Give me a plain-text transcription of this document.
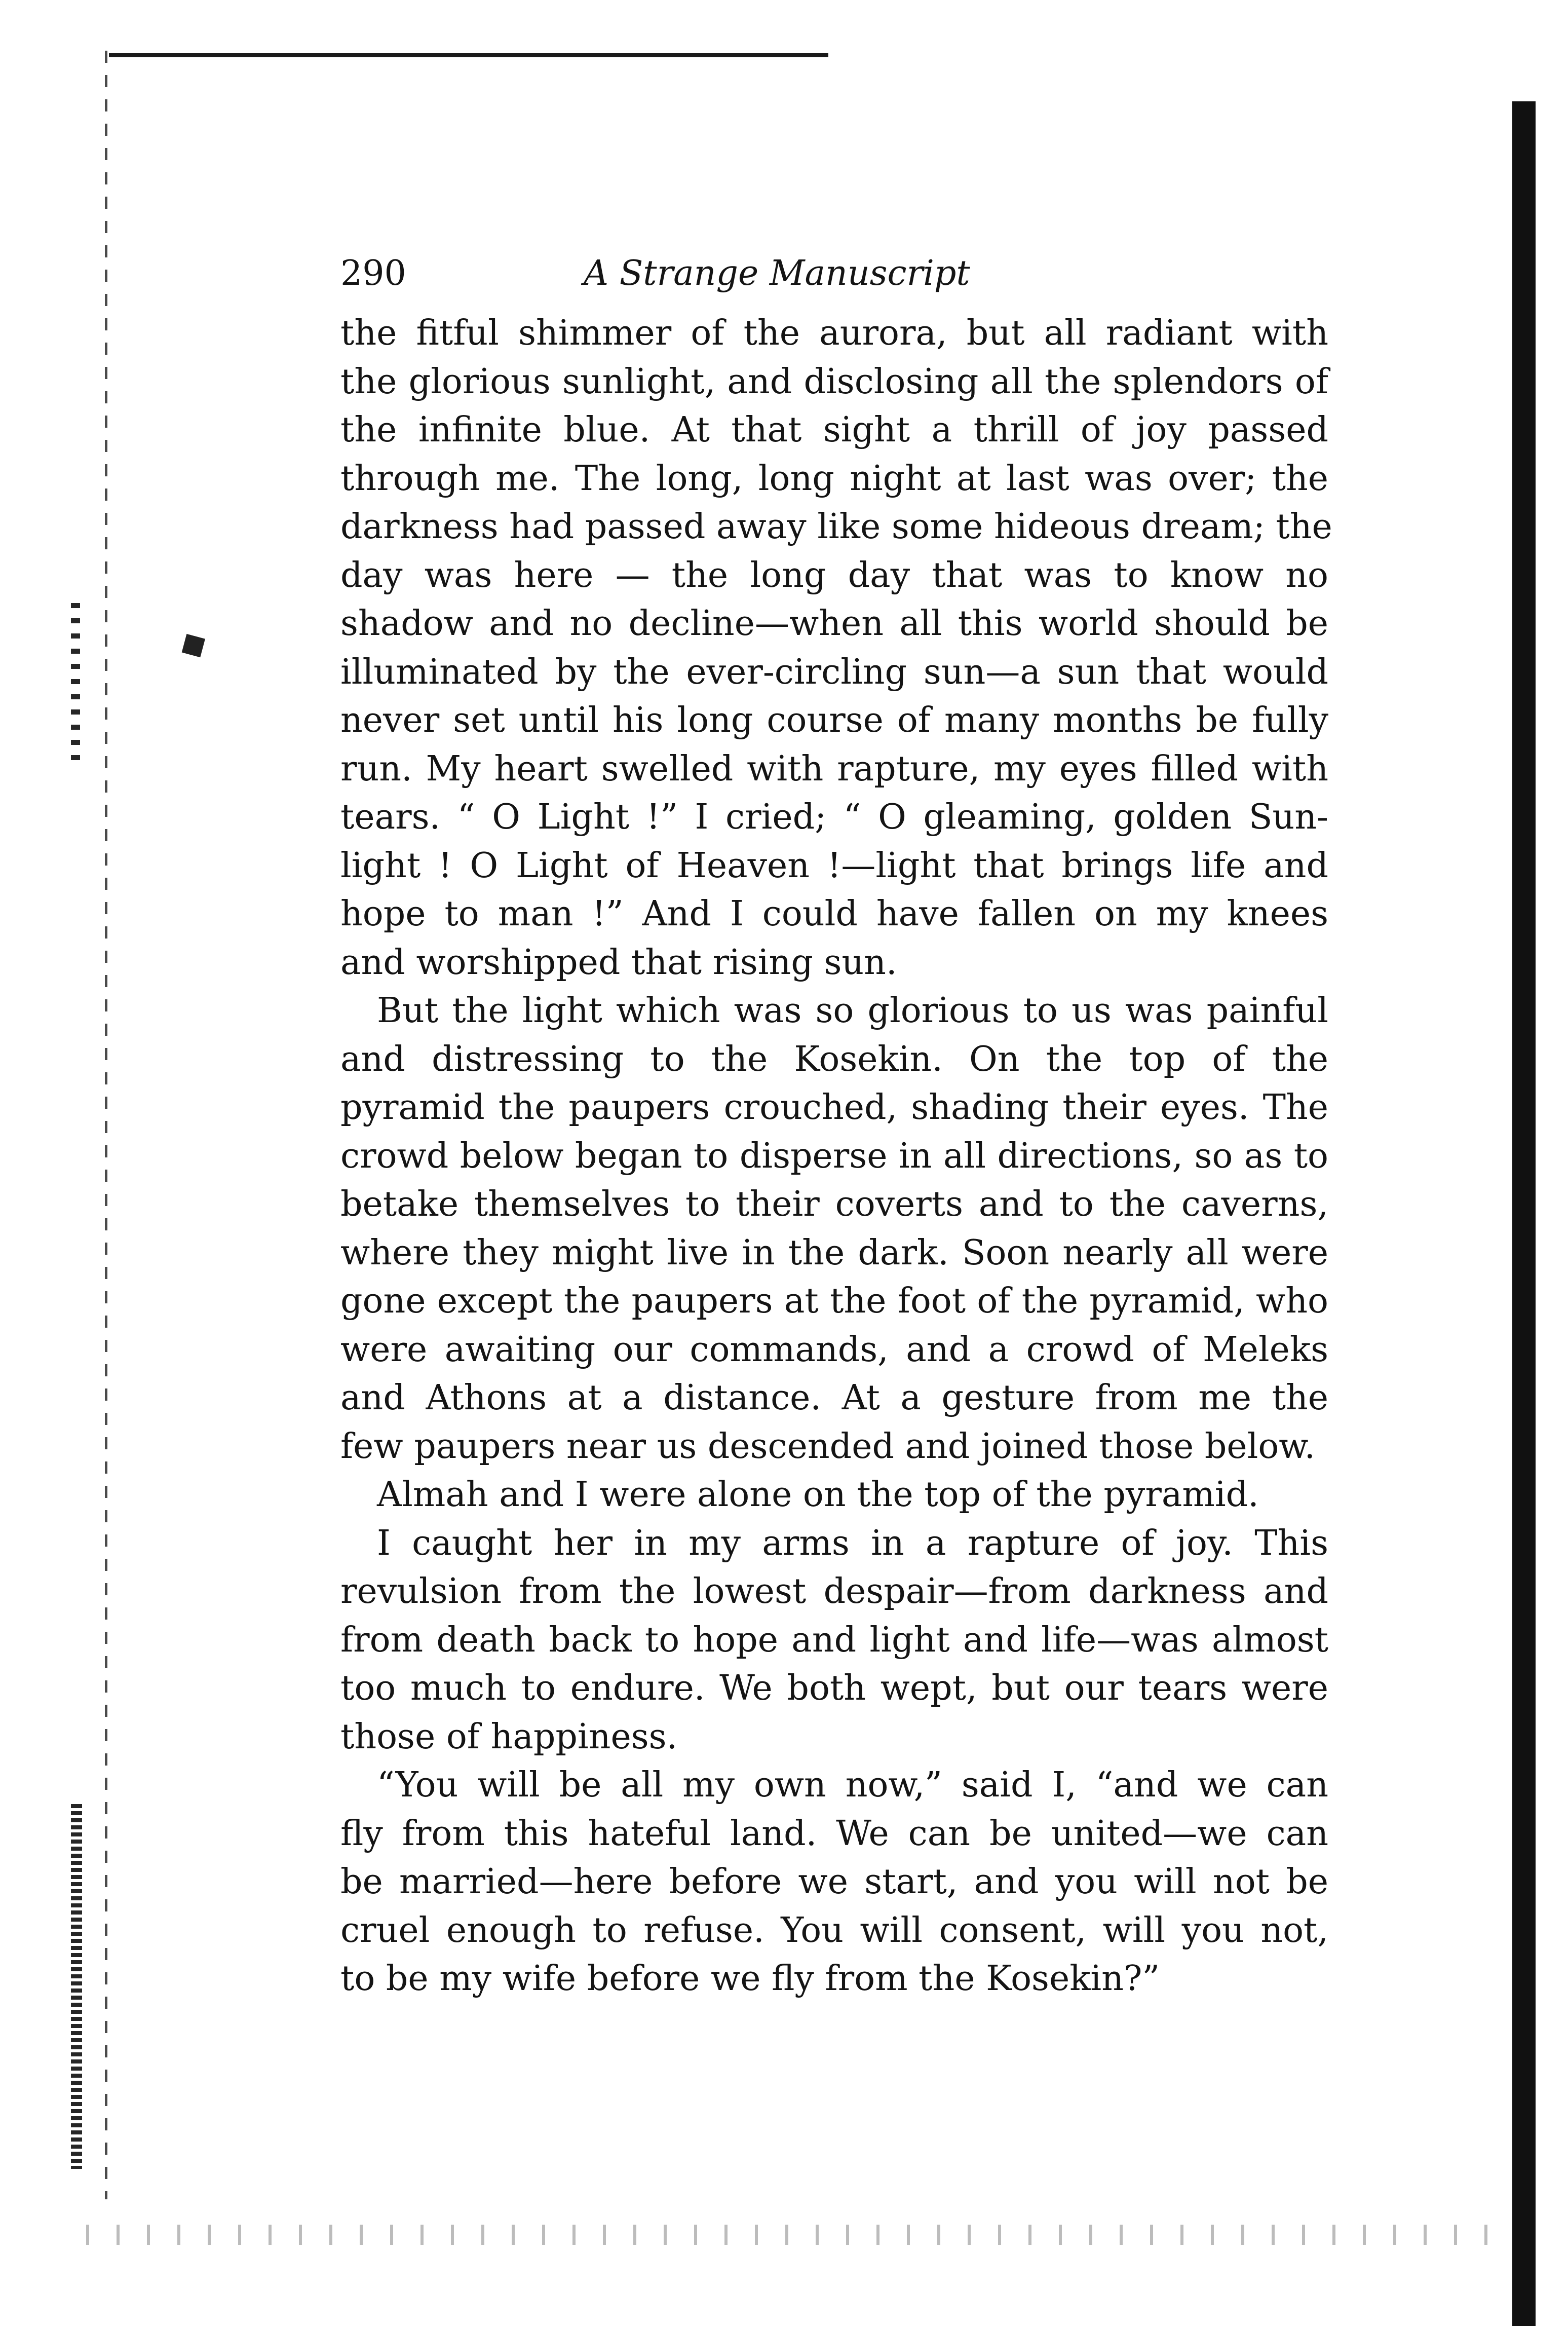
◆
290	A Strange Manuscript
the fitful shimmer of the aurora, but all radiant with
the glorious sunlight, and disclosing all the splendors of
the infinite blue. At that sight a thrill of joy passed
through me. The long, long night at last was over; the
darkness had passed away like some hideous dream; the
day was here — the long day that was to know no
shadow and no decline—when all this world should be
illuminated by the ever-circling sun—a sun that would
never set until his long course of many months be fully
run. My heart swelled with rapture, my eyes filled with
tears. “ O Light !” I cried; “ O gleaming, golden Sun-
light ! O Light of Heaven !—light that brings life and
hope to man !” And I could have fallen on my knees
and worshipped that rising sun.
But the light which was so glorious to us was painful
and distressing to the Kosekin. On the top of the
pyramid the paupers crouched, shading their eyes. The
crowd below began to disperse in all directions, so as to
betake themselves to their coverts and to the caverns,
where they might live in the dark. Soon nearly all were
gone except the paupers at the foot of the pyramid, who
were awaiting our commands, and a crowd of Meleks
and Athons at a distance. At a gesture from me the
few paupers near us descended and joined those below.
Almah and I were alone on the top of the pyramid.
I caught her in my arms in a rapture of joy. This
revulsion from the lowest despair—from darkness and
from death back to hope and light and life—was almost
too much to endure. We both wept, but our tears were
those of happiness.
“You will be all my own now,” said I, “and we can
fly from this hateful land. We can be united—we can
be married—here before we start, and you will not be
cruel enough to refuse. You will consent, will you not,
to be my wife before we fly from the Kosekin?”
